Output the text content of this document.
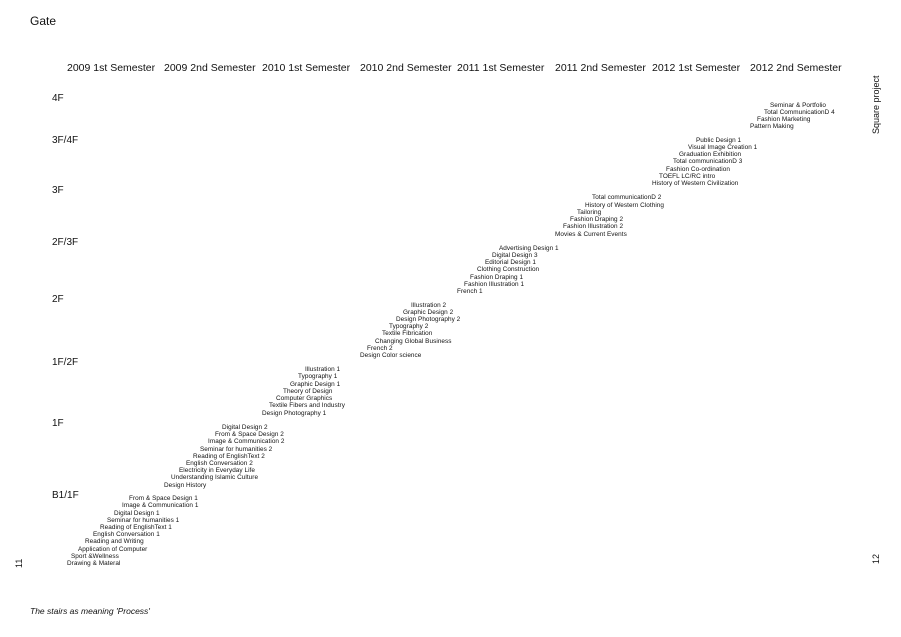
Gate
2009 1st Semester 2009 2nd Semester 2010 1st Semester 2010 2nd Semester 2011 1st Semester 2011 2nd Semester 2012 1st Semester 2012 2nd Semester
4F
3F/4F
3F
2F/3F
2F
1F/2F
1F
B1/1F	From & Space Design 1
Image & Communication 1
Digital Design 1
Seminar for humanities 1
Reading of EnglishText 1
English Conversation 1
Reading and Writing
Application of Computer
Sport &Wellness
Drawing & Materal
Digital Design 2
From & Space Design 2
Image & Communication 2
Seminar for humanities 2
Reading of EnglishText 2
English Conversation 2
Electricity in Everyday Life
Understanding Islamic Culture
Design History
Illustration 1
Typography 1
Graphic Design 1
Theory of Design
Computer Graphics
Textile Fibers and Industry
Design Photography 1
Illustration 2
Graphic Design 2
Design Photography 2
Typography 2
Textile Fibrication
Changing Global Business
French 2
Design Color science
Advertising Design 1
Digital Design 3
Editorial Design 1
Clothing Construction
Fashion Draping 1
Fashion Illustration 1
French 1
Total communicationD 2
History of Western Clothing
Tailoring
Fashion Draping 2
Fashion Illustration 2
Movies & Current Events
Public Design 1
Visual Image Creation 1
Graduation Exhibition
Total communicationD 3
Fashion Co-ordination
TOEFL LC/RC intro
History of Western Civilization
Seminar & Portfolio
Total CommunicationD 4
Fashion Marketing
Pattern Making	Square project
11	12
The stairs as meaning 'Process'
